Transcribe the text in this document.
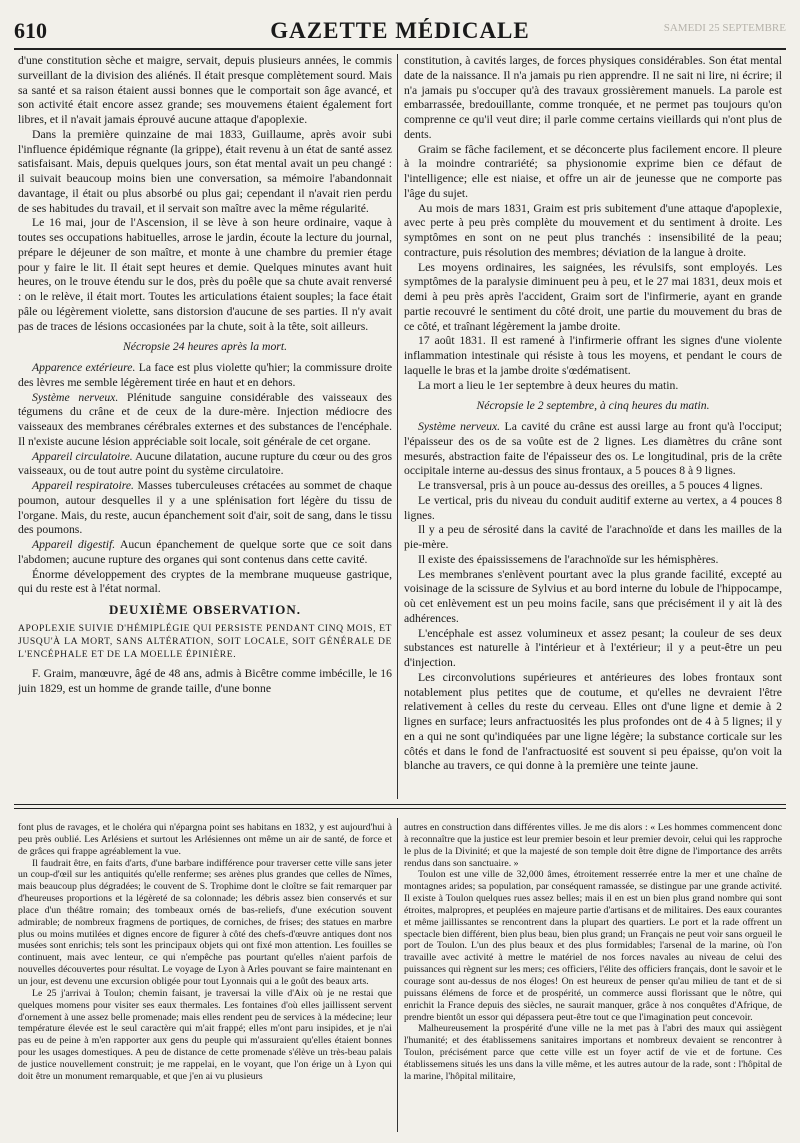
610	GAZETTE MÉDICALE	SAMEDI 25 SEPTEMBRE

d'une constitution sèche et maigre, servait, depuis plusieurs années, le commis surveillant de la division des aliénés. Il était presque complètement sourd. Mais sa santé et sa raison étaient aussi bonnes que le comportait son âge avancé, et son activité était encore assez grande; ses mouvemens étaient également fort libres, et il n'avait jamais éprouvé aucune attaque d'apoplexie.

Dans la première quinzaine de mai 1833, Guillaume, après avoir subi l'influence épidémique régnante (la grippe), était revenu à un état de santé assez satisfaisant. Mais, depuis quelques jours, son état mental avait un peu changé : il suivait beaucoup moins bien une conversation, sa mémoire l'abandonnait davantage, il était ou plus absorbé ou plus gai; cependant il n'avait rien perdu de ses habitudes du travail, et il servait son maître avec la même régularité.

Le 16 mai, jour de l'Ascension, il se lève à son heure ordinaire, vaque à toutes ses occupations habituelles, arrose le jardin, écoute la lecture du journal, prépare le déjeuner de son maître, et monte à une chambre du premier étage pour y faire le lit. Il était sept heures et demie. Quelques minutes avant huit heures, on le trouve étendu sur le dos, près du poêle que sa chute avait renversé : on le relève, il était mort. Toutes les articulations étaient souples; la face était pâle ou légèrement violette, sans distorsion d'aucune de ses parties. Il n'y avait pas de traces de lésions occasionées par la chute, soit à la tête, soit ailleurs.

Nécropsie 24 heures après la mort.

Apparence extérieure. La face est plus violette qu'hier; la commissure droite des lèvres me semble légèrement tirée en haut et en dehors.

Système nerveux. Plénitude sanguine considérable des vaisseaux des tégumens du crâne et de ceux de la dure-mère. Injection médiocre des vaisseaux des membranes cérébrales externes et des substances de l'encéphale. Il n'existe aucune lésion appréciable soit locale, soit générale de cet organe.

Appareil circulatoire. Aucune dilatation, aucune rupture du cœur ou des gros vaisseaux, ou de tout autre point du système circulatoire.

Appareil respiratoire. Masses tuberculeuses crétacées au sommet de chaque poumon, autour desquelles il y a une splénisation fort légère du tissu de l'organe. Mais, du reste, aucun épanchement soit d'air, soit de sang, dans le tissu des poumons.

Appareil digestif. Aucun épanchement de quelque sorte que ce soit dans l'abdomen; aucune rupture des organes qui sont contenus dans cette cavité.

Énorme développement des cryptes de la membrane muqueuse gastrique, qui du reste est à l'état normal.

DEUXIÈME OBSERVATION.

APOPLEXIE SUIVIE D'HÉMIPLÉGIE QUI PERSISTE PENDANT CINQ MOIS, ET JUSQU'À LA MORT, SANS ALTÉRATION, SOIT LOCALE, SOIT GÉNÉRALE DE L'ENCÉPHALE ET DE LA MOELLE ÉPINIÈRE.

F. Graim, manœuvre, âgé de 48 ans, admis à Bicêtre comme imbécille, le 16 juin 1829, est un homme de grande taille, d'une bonne

constitution, à cavités larges, de forces physiques considérables. Son état mental date de la naissance. Il n'a jamais pu rien apprendre. Il ne sait ni lire, ni écrire; il n'a jamais pu s'occuper qu'à des travaux grossièrement manuels. La parole est embarrassée, bredouillante, comme tronquée, et ne permet pas toujours qu'on comprenne ce qu'il veut dire; il parle comme certains vieillards qui n'ont plus de dents.

Graim se fâche facilement, et se déconcerte plus facilement encore. Il pleure à la moindre contrariété; sa physionomie exprime bien ce défaut de l'intelligence; elle est niaise, et offre un air de jeunesse que ne comporte pas l'âge du sujet.

Au mois de mars 1831, Graim est pris subitement d'une attaque d'apoplexie, avec perte à peu près complète du mouvement et du sentiment à droite. Les symptômes en sont on ne peut plus tranchés : insensibilité de la peau; contracture, puis résolution des membres; déviation de la langue à droite.

Les moyens ordinaires, les saignées, les révulsifs, sont employés. Les symptômes de la paralysie diminuent peu à peu, et le 27 mai 1831, deux mois et demi à peu près après l'accident, Graim sort de l'infirmerie, ayant en grande partie recouvré le sentiment du côté droit, une partie du mouvement du bras de ce côté, et traînant légèrement la jambe droite.

17 août 1831. Il est ramené à l'infirmerie offrant les signes d'une violente inflammation intestinale qui résiste à tous les moyens, et pendant le cours de laquelle le bras et la jambe droite s'œdématisent.

La mort a lieu le 1er septembre à deux heures du matin.

Nécropsie le 2 septembre, à cinq heures du matin.

Système nerveux. La cavité du crâne est aussi large au front qu'à l'occiput; l'épaisseur des os de sa voûte est de 2 lignes. Les diamètres du crâne sont mesurés, abstraction faite de l'épaisseur des os. Le longitudinal, pris de la crête occipitale interne au-dessus des sinus frontaux, a 5 pouces 8 à 9 lignes.

Le transversal, pris à un pouce au-dessus des oreilles, a 5 pouces 4 lignes.

Le vertical, pris du niveau du conduit auditif externe au vertex, a 4 pouces 8 lignes.

Il y a peu de sérosité dans la cavité de l'arachnoïde et dans les mailles de la pie-mère.

Il existe des épaississemens de l'arachnoïde sur les hémisphères.

Les membranes s'enlèvent pourtant avec la plus grande facilité, excepté au voisinage de la scissure de Sylvius et au bord interne du lobule de l'hippocampe, où cet enlèvement est un peu moins facile, sans que précisément il y ait là des adhérences.

L'encéphale est assez volumineux et assez pesant; la couleur de ses deux substances est naturelle à l'intérieur et à l'extérieur; il y a peut-être un peu d'injection.

Les circonvolutions supérieures et antérieures des lobes frontaux sont notablement plus petites que de coutume, et qu'elles ne devraient l'être relativement à celles du reste du cerveau. Elles ont d'une ligne et demie à 2 lignes en surface; leurs anfractuosités les plus profondes ont de 4 à 5 lignes; il y en a qui ne sont qu'indiquées par une ligne légère; la substance corticale sur les côtés et dans le fond de l'anfractuosité est souvent si peu épaisse, qu'on voit la blanche au travers, ce qui donne à la première une teinte jaune.

font plus de ravages, et le choléra qui n'épargna point ses habitans en 1832, y est aujourd'hui à peu près oublié. Les Arlésiens et surtout les Arlésiennes ont même un air de santé, de force et de grâces qui frappe agréablement la vue.

Il faudrait être, en faits d'arts, d'une barbare indifférence pour traverser cette ville sans jeter un coup-d'œil sur les antiquités qu'elle renferme; ses arènes plus grandes que celles de Nîmes, mais beaucoup plus dégradées; le couvent de S. Trophime dont le cloître se fait remarquer par d'heureuses proportions et la légèreté de sa colonnade; les débris assez bien conservés et sur place d'un théâtre romain; des tombeaux ornés de bas-reliefs, d'une exécution souvent admirable; de nombreux fragmens de portiques, de corniches, de frises; des statues en marbre plus ou moins mutilées et dignes encore de figurer à côté des chefs-d'œuvre antiques dont nos musées sont enrichis; tels sont les principaux objets qui ont fixé mon attention. Les fouilles se continuent, mais avec lenteur, ce qui n'empêche pas pourtant qu'elles n'aient parfois de nouvelles découvertes pour résultat. Le voyage de Lyon à Arles pouvant se faire maintenant en un jour, est devenu une excursion obligée pour tout Lyonnais qui a le goût des beaux arts.

Le 25 j'arrivai à Toulon; chemin faisant, je traversai la ville d'Aix où je ne restai que quelques momens pour visiter ses eaux thermales. Les fontaines d'où elles jaillissent servent d'ornement à une assez belle promenade; mais elles rendent peu de services à la médecine; leur température élevée est le seul caractère qui m'ait frappé; elles m'ont paru insipides, et je n'ai pas eu de peine à m'en rapporter aux gens du peuple qui m'assuraient qu'elles étaient bonnes pour les usages domestiques. A peu de distance de cette promenade s'élève un très-beau palais de justice nouvellement construit; je me rappelai, en le voyant, que l'on érige un à Lyon qui doit être un monument remarquable, et que j'en ai vu plusieurs

autres en construction dans différentes villes. Je me dis alors : « Les hommes commencent donc à reconnaître que la justice est leur premier besoin et leur premier devoir, celui qui les rapproche le plus de la Divinité; et que la majesté de son temple doit être digne de l'importance des arrêts rendus dans son sanctuaire. »

Toulon est une ville de 32,000 âmes, étroitement resserrée entre la mer et une chaîne de montagnes arides; sa population, par conséquent ramassée, se distingue par une grande activité. Il existe à Toulon quelques rues assez belles; mais il en est un bien plus grand nombre qui sont étroites, malpropres, et peuplées en majeure partie d'artisans et de militaires. Des eaux courantes et même jaillissantes se rencontrent dans la plupart des quartiers. Le port et la rade offrent un spectacle bien différent, bien plus beau, bien plus grand; un Français ne peut voir sans orgueil le port de Toulon. L'un des plus beaux et des plus formidables; l'arsenal de la marine, où l'on travaille avec activité à mettre le matériel de nos forces navales au niveau de celui des puissances qui règnent sur les mers; ces officiers, l'élite des officiers français, dont le savoir et le courage sont au-dessus de nos éloges! On est heureux de penser qu'au milieu de tant et de si puissans élémens de force et de prospérité, un commerce aussi florissant que le nôtre, qui enrichit la France depuis des siècles, ne saurait manquer, grâce à nos conquêtes d'Afrique, de prendre bientôt un essor qui dépassera peut-être tout ce que l'imagination peut concevoir.

Malheureusement la prospérité d'une ville ne la met pas à l'abri des maux qui assiègent l'humanité; et des établissemens sanitaires importans et nombreux devaient se rencontrer à Toulon, précisément parce que cette ville est un foyer actif de vie et de fortune. Ces établissemens situés les uns dans la ville même, et les autres autour de la rade, sont : l'hôpital de la marine, l'hôpital militaire,
